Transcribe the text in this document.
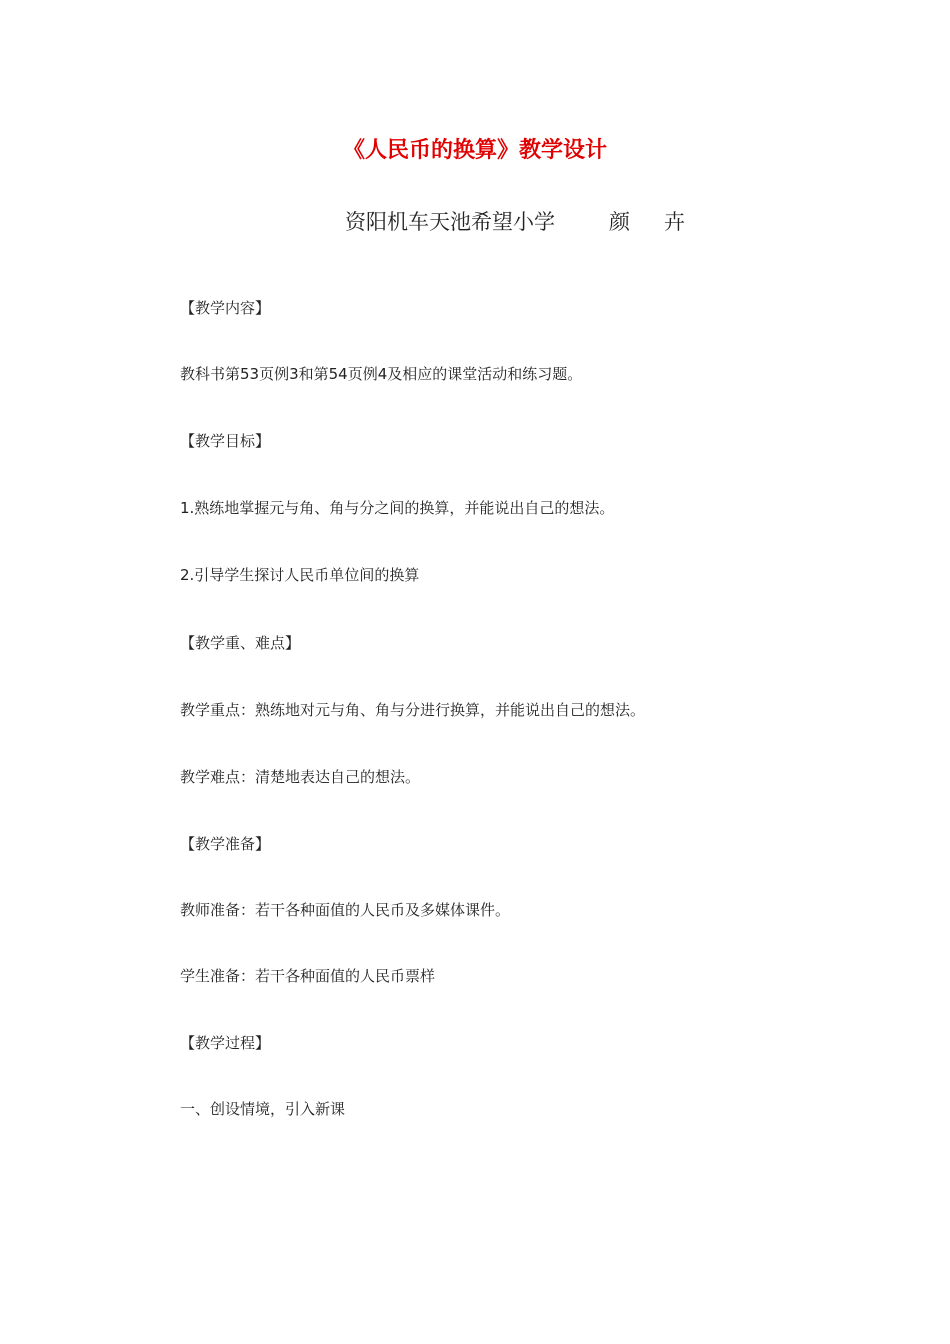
《人民币的换算》教学设计
资阳机车天池希望小学	颜卉
【教学内容】
教科书第53页例3和第54页例4及相应的课堂活动和练习题。
【教学目标】
1.熟练地掌握元与角、角与分之间的换算，并能说出自己的想法。
2.引导学生探讨人民币单位间的换算
【教学重、难点】
教学重点：熟练地对元与角、角与分进行换算，并能说出自己的想法。
教学难点：清楚地表达自己的想法。
【教学准备】
教师准备：若干各种面值的人民币及多媒体课件。
学生准备：若干各种面值的人民币票样
【教学过程】
一、创设情境，引入新课
